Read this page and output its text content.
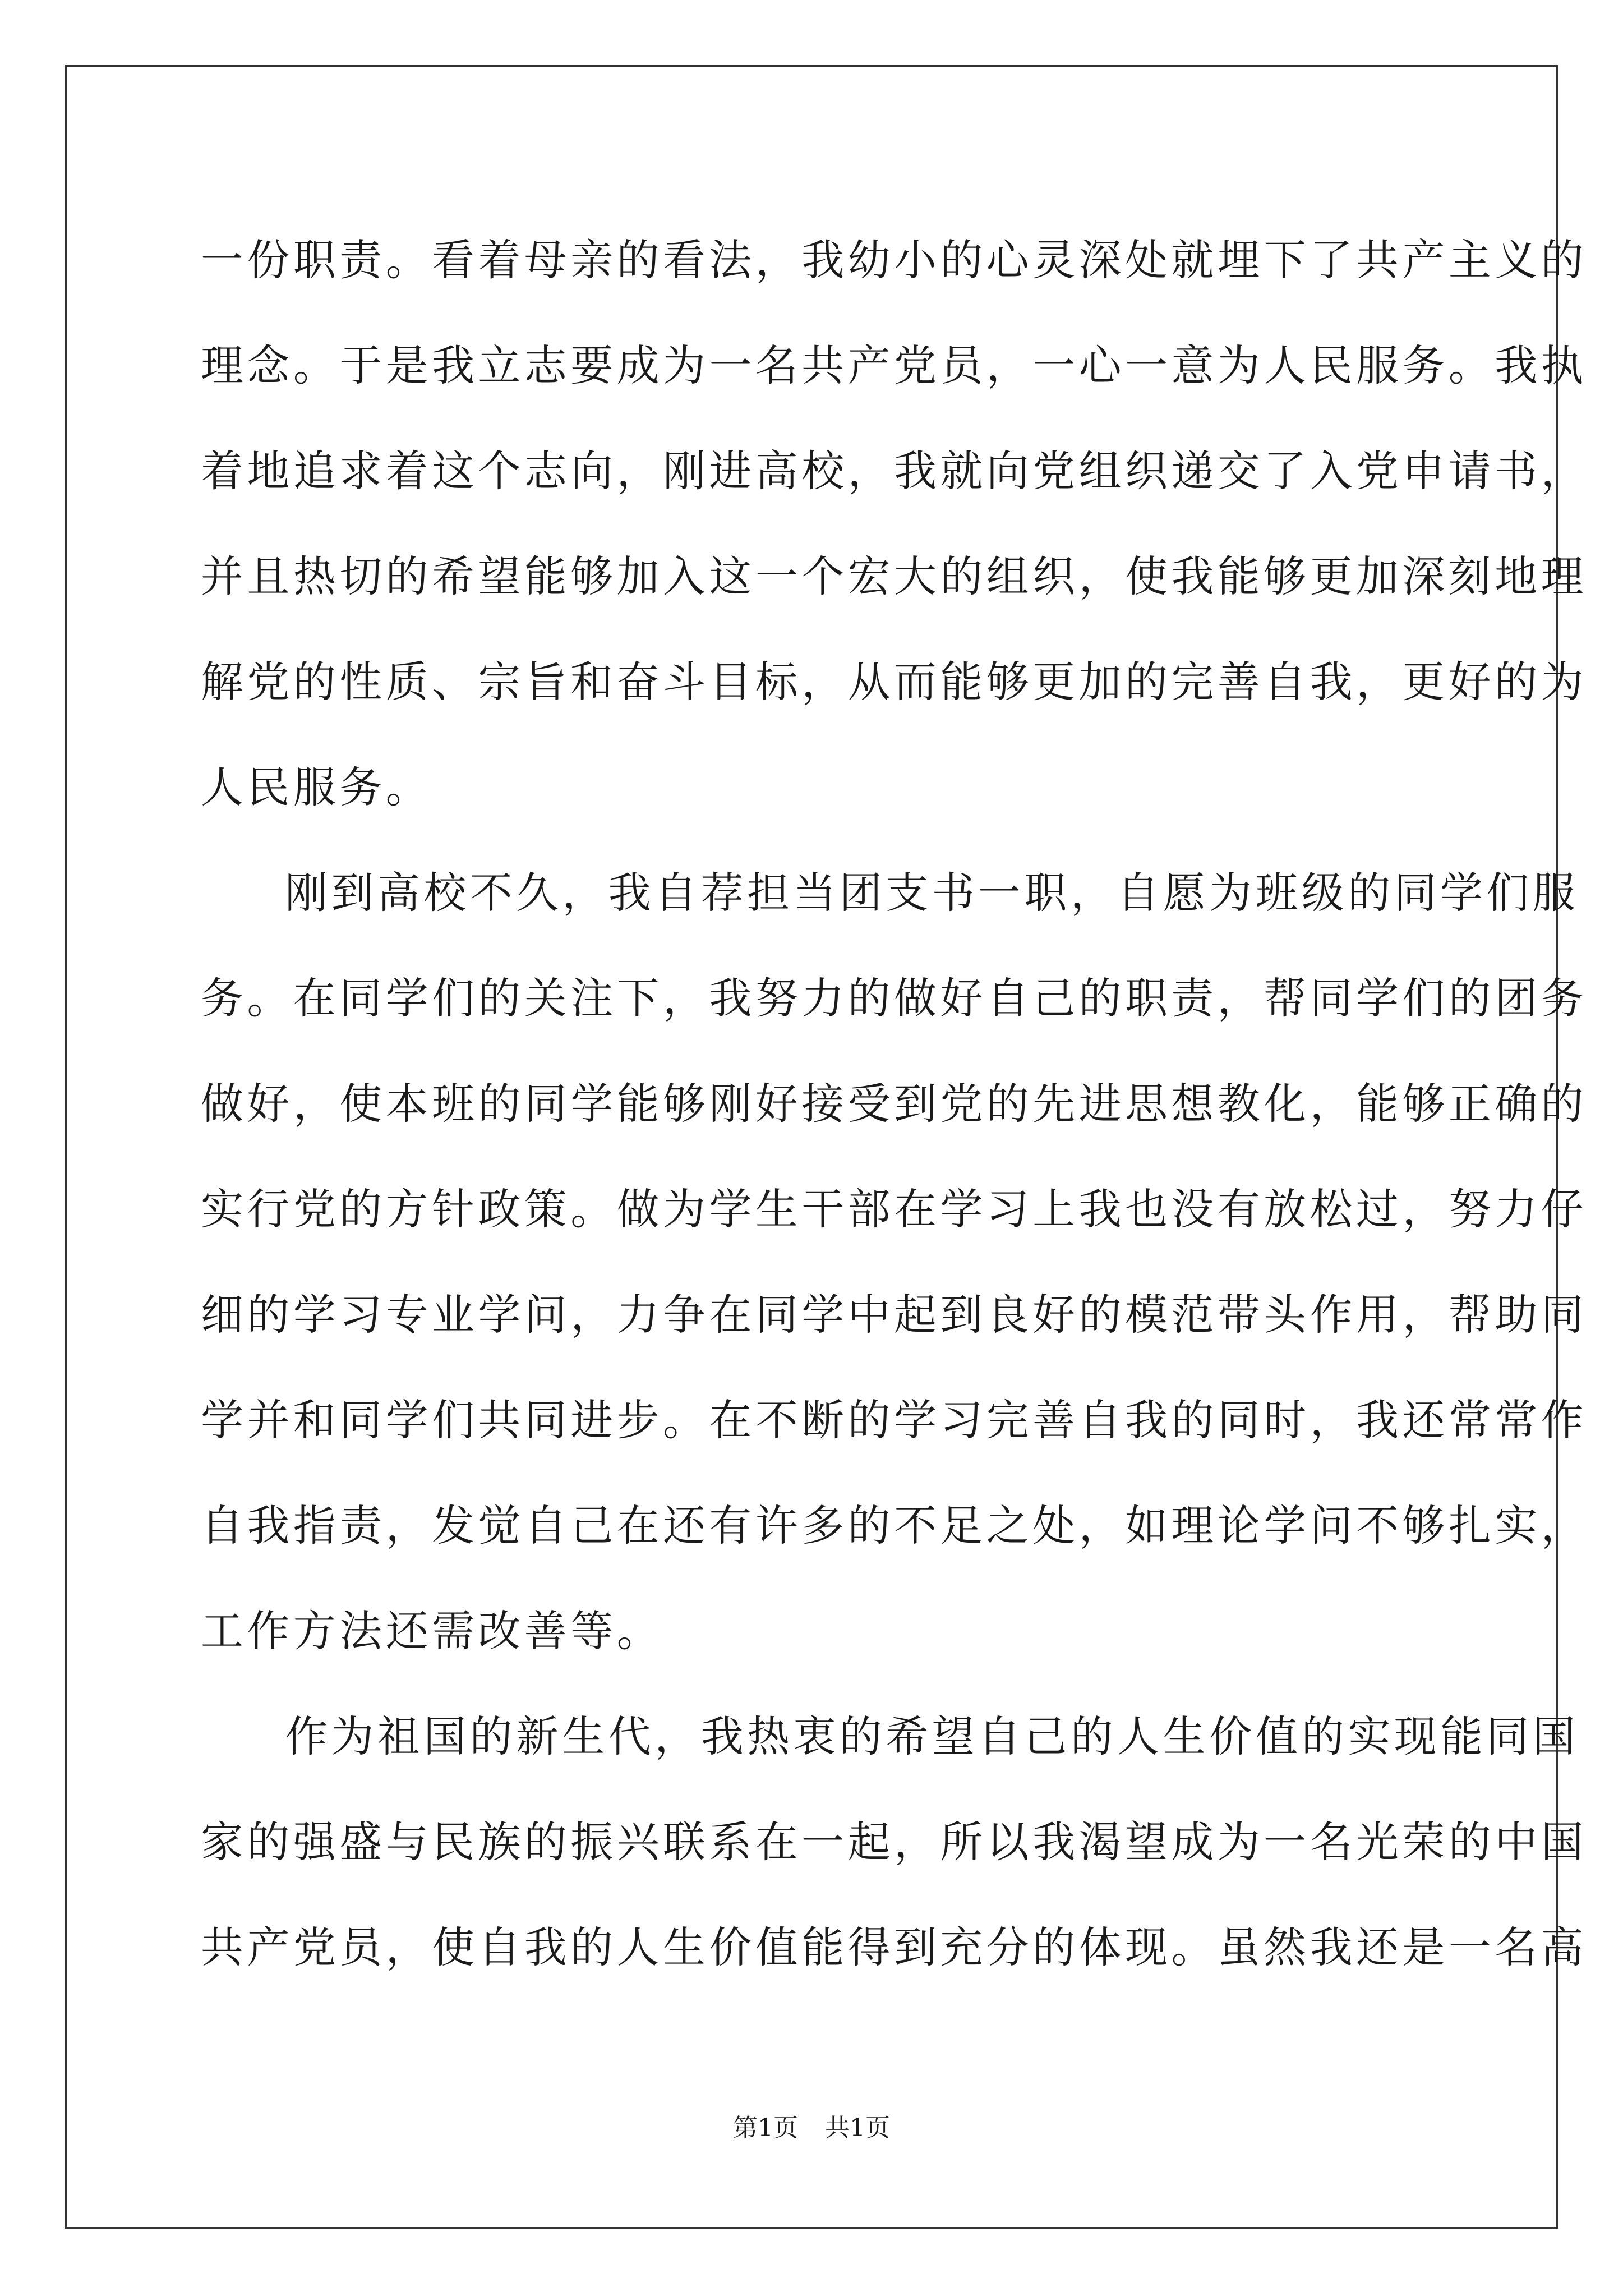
一份职责。看着母亲的看法，我幼小的心灵深处就埋下了共产主义的
理念。于是我立志要成为一名共产党员，一心一意为人民服务。我执
着地追求着这个志向，刚进高校，我就向党组织递交了入党申请书，
并且热切的希望能够加入这一个宏大的组织，使我能够更加深刻地理
解党的性质、宗旨和奋斗目标，从而能够更加的完善自我，更好的为
人民服务。
刚到高校不久，我自荐担当团支书一职，自愿为班级的同学们服
务。在同学们的关注下，我努力的做好自己的职责，帮同学们的团务
做好，使本班的同学能够刚好接受到党的先进思想教化，能够正确的
实行党的方针政策。做为学生干部在学习上我也没有放松过，努力仔
细的学习专业学问，力争在同学中起到良好的模范带头作用，帮助同
学并和同学们共同进步。在不断的学习完善自我的同时，我还常常作
自我指责，发觉自己在还有许多的不足之处，如理论学问不够扎实，
工作方法还需改善等。
作为祖国的新生代，我热衷的希望自己的人生价值的实现能同国
家的强盛与民族的振兴联系在一起，所以我渴望成为一名光荣的中国
共产党员，使自我的人生价值能得到充分的体现。虽然我还是一名高
第1页 共1页
